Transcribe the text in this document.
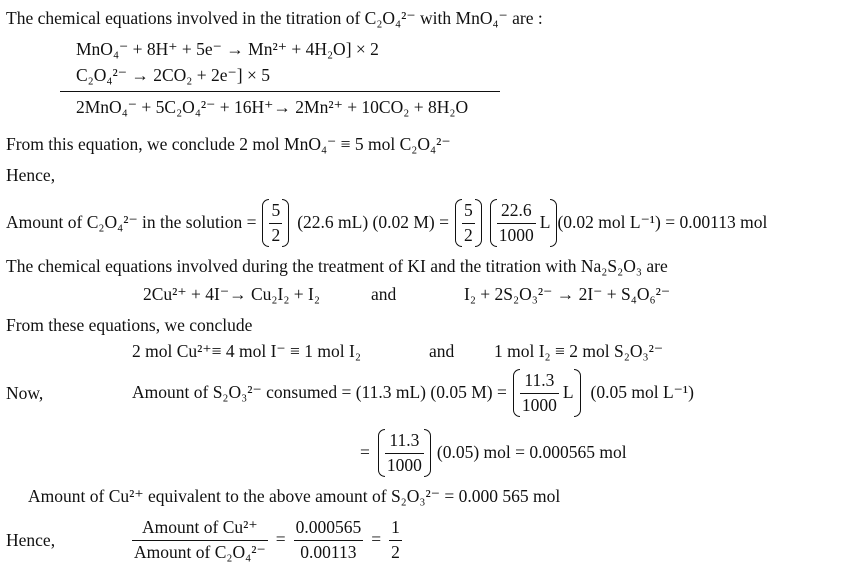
The chemical equations involved in the titration of C₂O₄²⁻ with MnO₄⁻ are :
MnO₄⁻ + 8H⁺ + 5e⁻ → Mn²⁺ + 4H₂O] × 2
C₂O₄²⁻ → 2CO₂ + 2e⁻] × 5
2MnO₄⁻ + 5C₂O₄²⁻ + 16H⁺→ 2Mn²⁺ + 10CO₂ + 8H₂O
From this equation, we conclude 2 mol MnO₄⁻ ≡ 5 mol C₂O₄²⁻
Hence,
Amount of C₂O₄²⁻ in the solution = $\frac{5}{2} (22.6$ mL) (0.02 $M) = \frac{5}{2} \frac{22.6}{1000}$ L (0.02 mol L⁻¹) = 0.00113 mol
The chemical equations involved during the treatment of KI and the titration with Na₂S₂O₃ are
2Cu²⁺ + 4I⁻→ Cu₂I₂ + I₂	and	I₂ + 2S₂O₃²⁻ → 2I⁻ + S₄O₆²⁻
From these equations, we conclude
2 mol Cu²⁺≡ 4 mol I⁻ ≡ 1 mol I₂	and 1 mol I₂ ≡ 2 mol S₂O₃²⁻
Now,	Amount of S₂O₃²⁻ consumed = (11.3 mL) (0.05 $M) = \frac{11.3}{1000}$ L (0.05 mol L⁻¹)
= $\frac{11.3}{1000} (0.05)$ mol = 0.000565 mol
Amount of Cu²⁺ equivalent to the above amount of S₂O₃²⁻ = 0.000 565 mol
Hence,	$\frac{\text{Amount of Cu²⁺}}{\text{Amount of C₂O₄²⁻}} = \frac{0.000565}{0.00113} = \frac{1}{2}$
